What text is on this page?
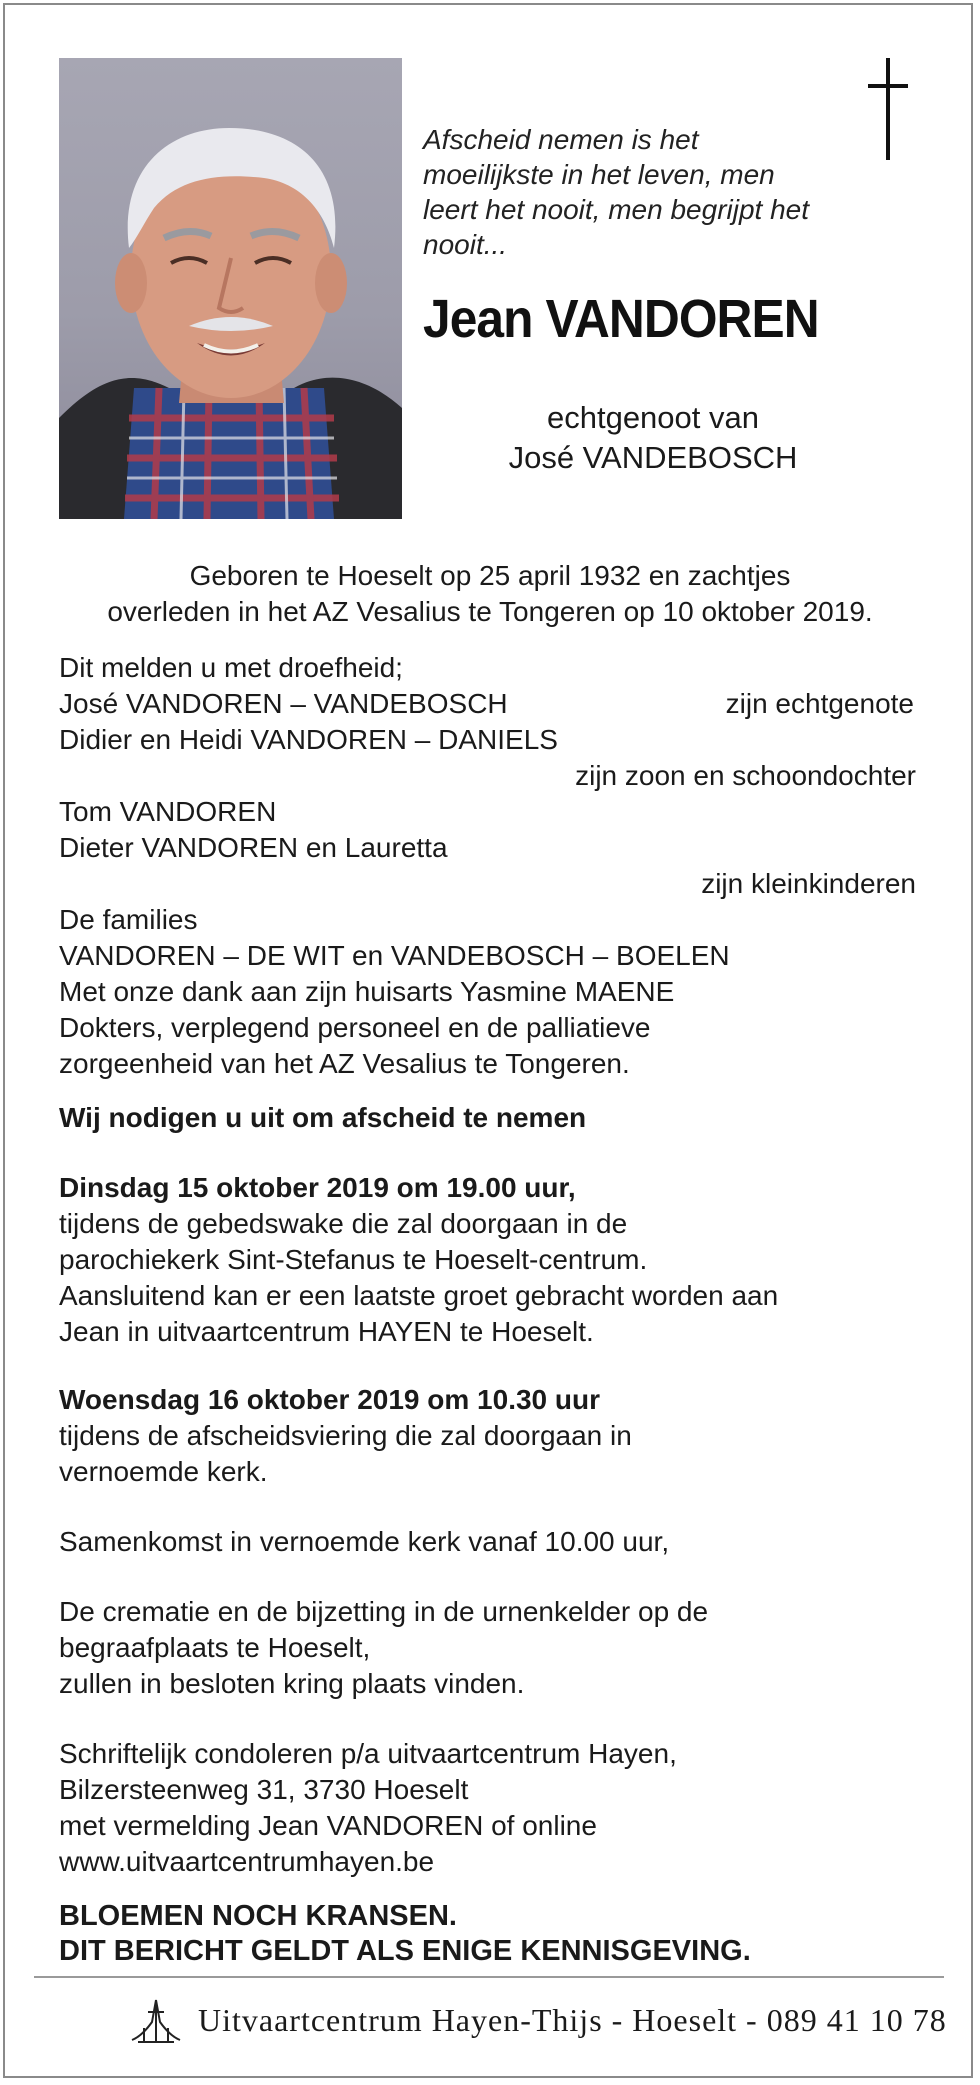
Afscheid nemen is het
moeilijkste in het leven, men
leert het nooit, men begrijpt het
nooit...
Jean VANDOREN
echtgenoot van
José VANDEBOSCH
Geboren te Hoeselt op 25 april 1932 en zachtjes
overleden in het AZ Vesalius te Tongeren op 10 oktober 2019.
Dit melden u met droefheid;
José VANDOREN – VANDEBOSCH	zijn echtgenote
Didier en Heidi VANDOREN – DANIELS
zijn zoon en schoondochter
Tom VANDOREN
Dieter VANDOREN en Lauretta
zijn kleinkinderen
De families
VANDOREN – DE WIT en VANDEBOSCH – BOELEN
Met onze dank aan zijn huisarts Yasmine MAENE
Dokters, verplegend personeel en de palliatieve
zorgeenheid van het AZ Vesalius te Tongeren.
Wij nodigen u uit om afscheid te nemen
Dinsdag 15 oktober 2019 om 19.00 uur,
tijdens de gebedswake die zal doorgaan in de
parochiekerk Sint-Stefanus te Hoeselt-centrum.
Aansluitend kan er een laatste groet gebracht worden aan
Jean in uitvaartcentrum HAYEN te Hoeselt.
Woensdag 16 oktober 2019 om 10.30 uur
tijdens de afscheidsviering die zal doorgaan in
vernoemde kerk.
Samenkomst in vernoemde kerk vanaf 10.00 uur,
De crematie en de bijzetting in de urnenkelder op de
begraafplaats te Hoeselt,
zullen in besloten kring plaats vinden.
Schriftelijk condoleren p/a uitvaartcentrum Hayen,
Bilzersteenweg 31, 3730 Hoeselt
met vermelding Jean VANDOREN of online
www.uitvaartcentrumhayen.be
BLOEMEN NOCH KRANSEN.
DIT BERICHT GELDT ALS ENIGE KENNISGEVING.
Uitvaartcentrum Hayen-Thijs - Hoeselt - 089 41 10 78
